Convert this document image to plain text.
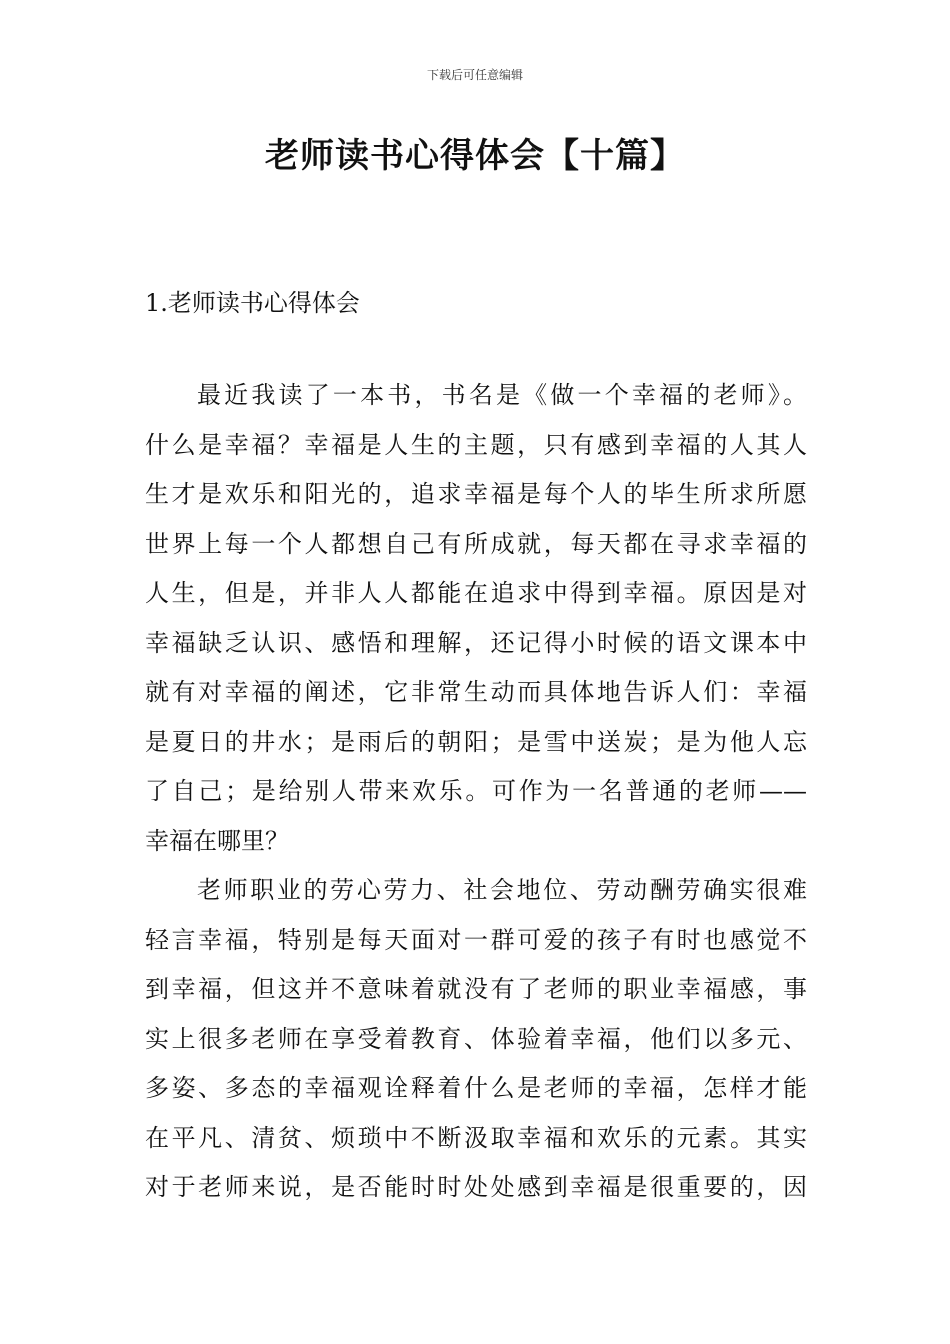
下载后可任意编辑
老师读书心得体会【十篇】
1.老师读书心得体会
最近我读了一本书，书名是《做一个幸福的老师》。
什么是幸福？幸福是人生的主题，只有感到幸福的人其人
生才是欢乐和阳光的，追求幸福是每个人的毕生所求所愿
世界上每一个人都想自己有所成就，每天都在寻求幸福的
人生，但是，并非人人都能在追求中得到幸福。原因是对
幸福缺乏认识、感悟和理解，还记得小时候的语文课本中
就有对幸福的阐述，它非常生动而具体地告诉人们：幸福
是夏日的井水；是雨后的朝阳；是雪中送炭；是为他人忘
了自己；是给别人带来欢乐。可作为一名普通的老师——
幸福在哪里？
老师职业的劳心劳力、社会地位、劳动酬劳确实很难
轻言幸福，特别是每天面对一群可爱的孩子有时也感觉不
到幸福，但这并不意味着就没有了老师的职业幸福感，事
实上很多老师在享受着教育、体验着幸福，他们以多元、
多姿、多态的幸福观诠释着什么是老师的幸福，怎样才能
在平凡、清贫、烦琐中不断汲取幸福和欢乐的元素。其实
对于老师来说，是否能时时处处感到幸福是很重要的，因
